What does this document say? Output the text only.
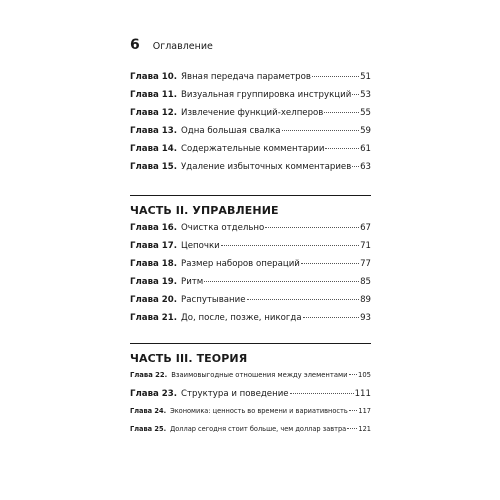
6 Оглавление
Глава 10. Явная передача параметров	51
Глава 11. Визуальная группировка инструкций 53
Глава 12. Извлечение функций-хелперов	55
Глава 13. Одна большая свалка	59
Глава 14. Содержательные комментарии	61
Глава 15. Удаление избыточных комментариев 63
ЧАСТЬ II. УПРАВЛЕНИЕ
Глава 16. Очистка отдельно	67
Глава 17. Цепочки	71
Глава 18. Размер наборов операций	77
Глава 19. Ритм	85
Глава 20. Распутывание	89
Глава 21. До, после, позже, никогда	93
ЧАСТЬ III. ТЕОРИЯ
Глава 22. Взаимовыгодные отношения между элементами 105
Глава 23. Структура и поведение	111
Глава 24. Экономика: ценность во времени и вариативность 117
Глава 25. Доллар сегодня стоит больше, чем доллар завтра 121
